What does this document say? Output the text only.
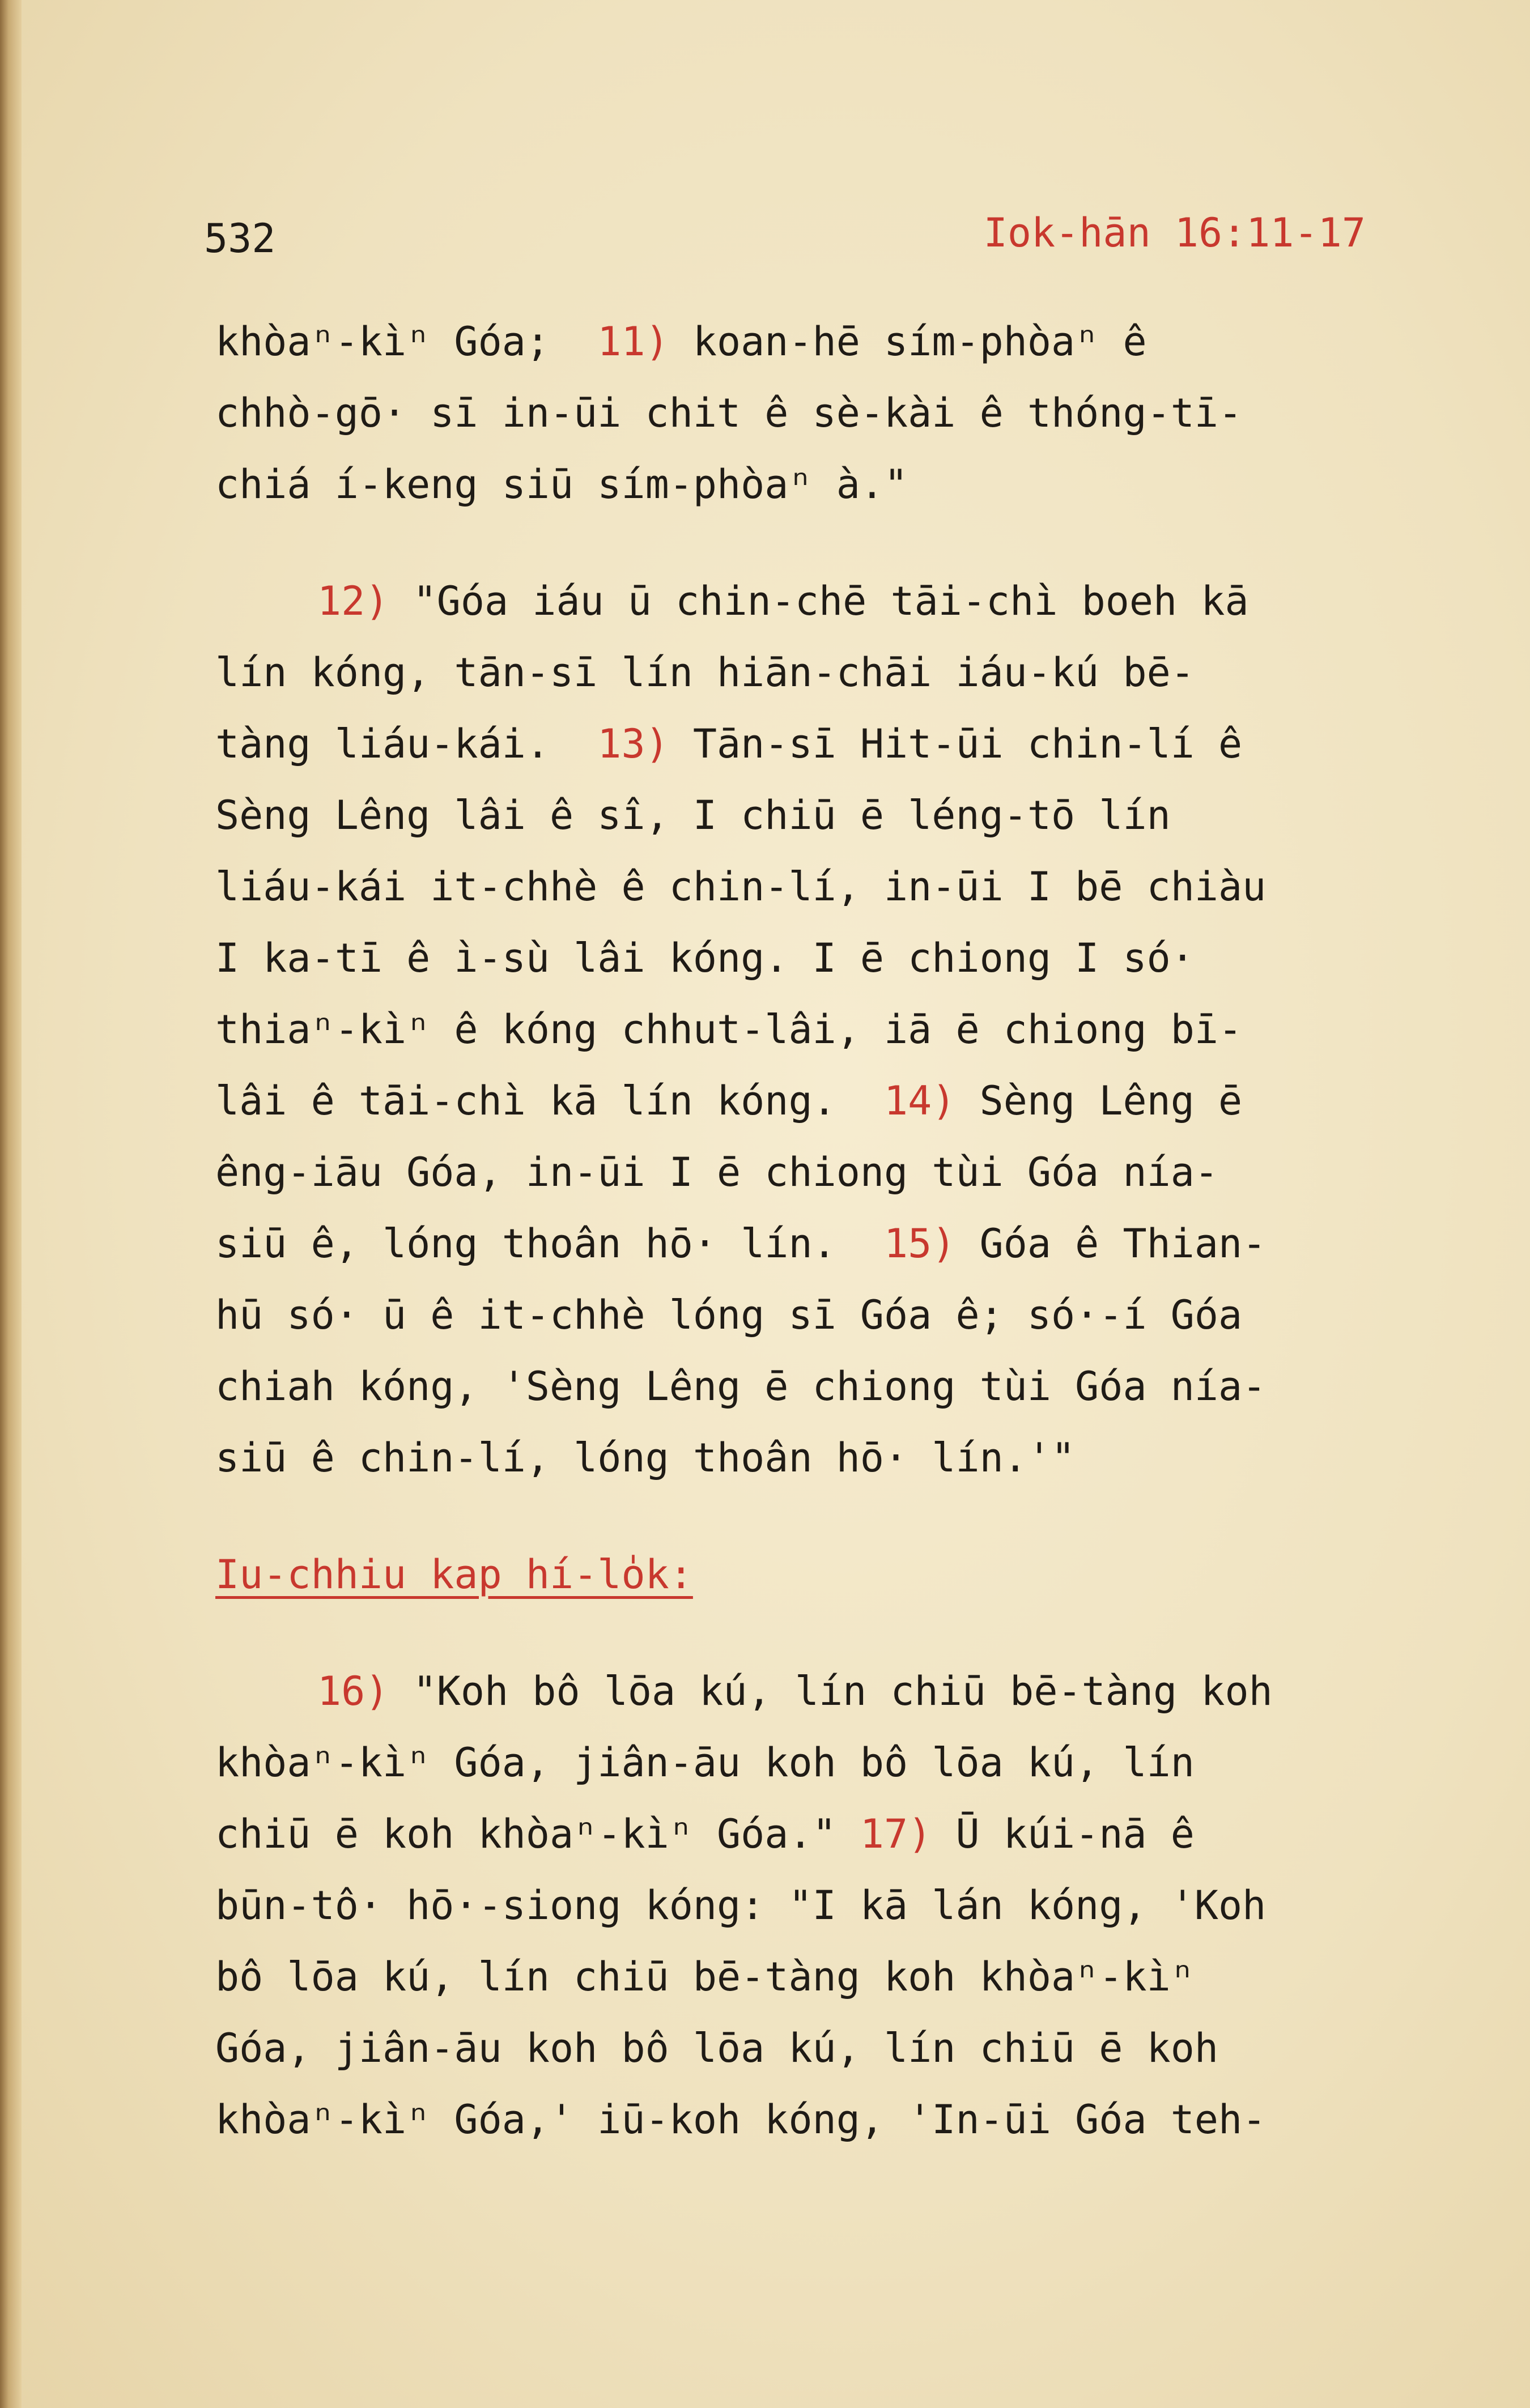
532	Iok-hān 16:11-17

khòaⁿ-kìⁿ Góa;  11) koan-hē sím-phòaⁿ ê

chhò-gō· sī in-ūi chit ê sè-kài ê thóng-tī-

chiá í-keng siū sím-phòaⁿ à."

12) "Góa iáu ū chin-chē tāi-chì boeh kā

lín kóng, tān-sī lín hiān-chāi iáu-kú bē-

tàng liáu-kái.  13) Tān-sī Hit-ūi chin-lí ê

Sèng Lêng lâi ê sî, I chiū ē léng-tō lín

liáu-kái it-chhè ê chin-lí, in-ūi I bē chiàu

I ka-tī ê ì-sù lâi kóng. I ē chiong I só·

thiaⁿ-kìⁿ ê kóng chhut-lâi, iā ē chiong bī-

lâi ê tāi-chì kā lín kóng.  14) Sèng Lêng ē

êng-iāu Góa, in-ūi I ē chiong tùi Góa nía-

siū ê, lóng thoân hō· lín.  15) Góa ê Thian-

hū só· ū ê it-chhè lóng sī Góa ê; só·-í Góa

chiah kóng, 'Sèng Lêng ē chiong tùi Góa nía-

siū ê chin-lí, lóng thoân hō· lín.'"

Iu-chhiu kap hí-lo̍k:

16) "Koh bô lōa kú, lín chiū bē-tàng koh

khòaⁿ-kìⁿ Góa, jiân-āu koh bô lōa kú, lín

chiū ē koh khòaⁿ-kìⁿ Góa." 17) Ū kúi-nā ê

būn-tô· hō·-siong kóng: "I kā lán kóng, 'Koh

bô lōa kú, lín chiū bē-tàng koh khòaⁿ-kìⁿ

Góa, jiân-āu koh bô lōa kú, lín chiū ē koh

khòaⁿ-kìⁿ Góa,' iū-koh kóng, 'In-ūi Góa teh-
